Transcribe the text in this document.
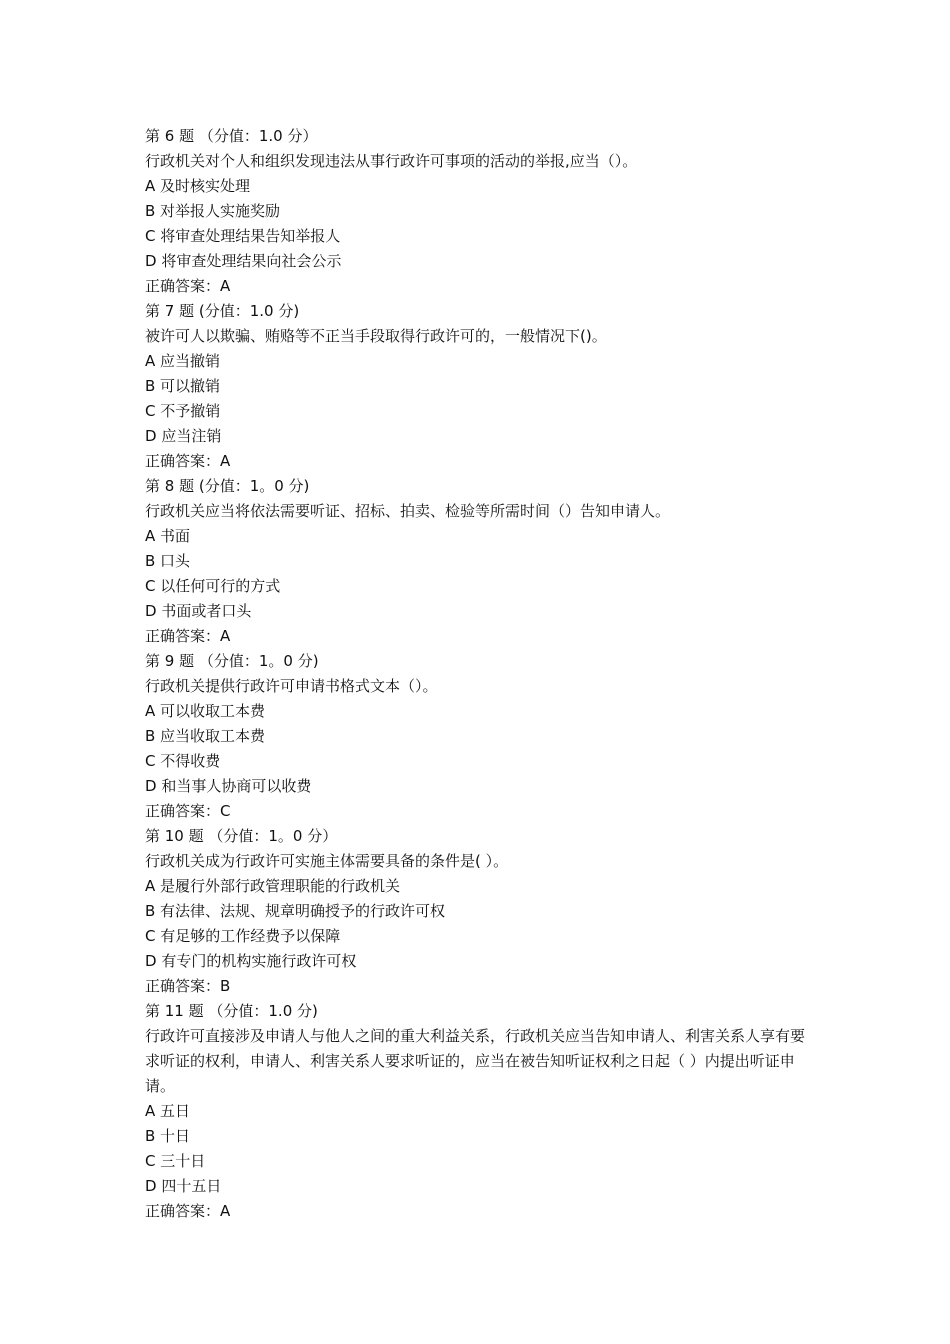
第 6 题 （分值：1.0 分）
行政机关对个人和组织发现违法从事行政许可事项的活动的举报,应当（）。
A 及时核实处理
B 对举报人实施奖励
C 将审查处理结果告知举报人
D 将审查处理结果向社会公示
正确答案：A
第 7 题 (分值：1.0 分)
被许可人以欺骗、贿赂等不正当手段取得行政许可的，一般情况下()。
A 应当撤销
B 可以撤销
C 不予撤销
D 应当注销
正确答案：A
第 8 题 (分值：1。0 分)
行政机关应当将依法需要听证、招标、拍卖、检验等所需时间（）告知申请人。
A 书面
B 口头
C 以任何可行的方式
D 书面或者口头
正确答案：A
第 9 题 （分值：1。0 分)
行政机关提供行政许可申请书格式文本（）。
A 可以收取工本费
B 应当收取工本费
C 不得收费
D 和当事人协商可以收费
正确答案：C
第 10 题 （分值：1。0 分）
行政机关成为行政许可实施主体需要具备的条件是( ）。
A 是履行外部行政管理职能的行政机关
B 有法律、法规、规章明确授予的行政许可权
C 有足够的工作经费予以保障
D 有专门的机构实施行政许可权
正确答案：B
第 11 题 （分值：1.0 分)
行政许可直接涉及申请人与他人之间的重大利益关系，行政机关应当告知申请人、利害关系人享有要求听证的权利，申请人、利害关系人要求听证的，应当在被告知听证权利之日起（ ）内提出听证申请。
A 五日
B 十日
C 三十日
D 四十五日
正确答案：A
